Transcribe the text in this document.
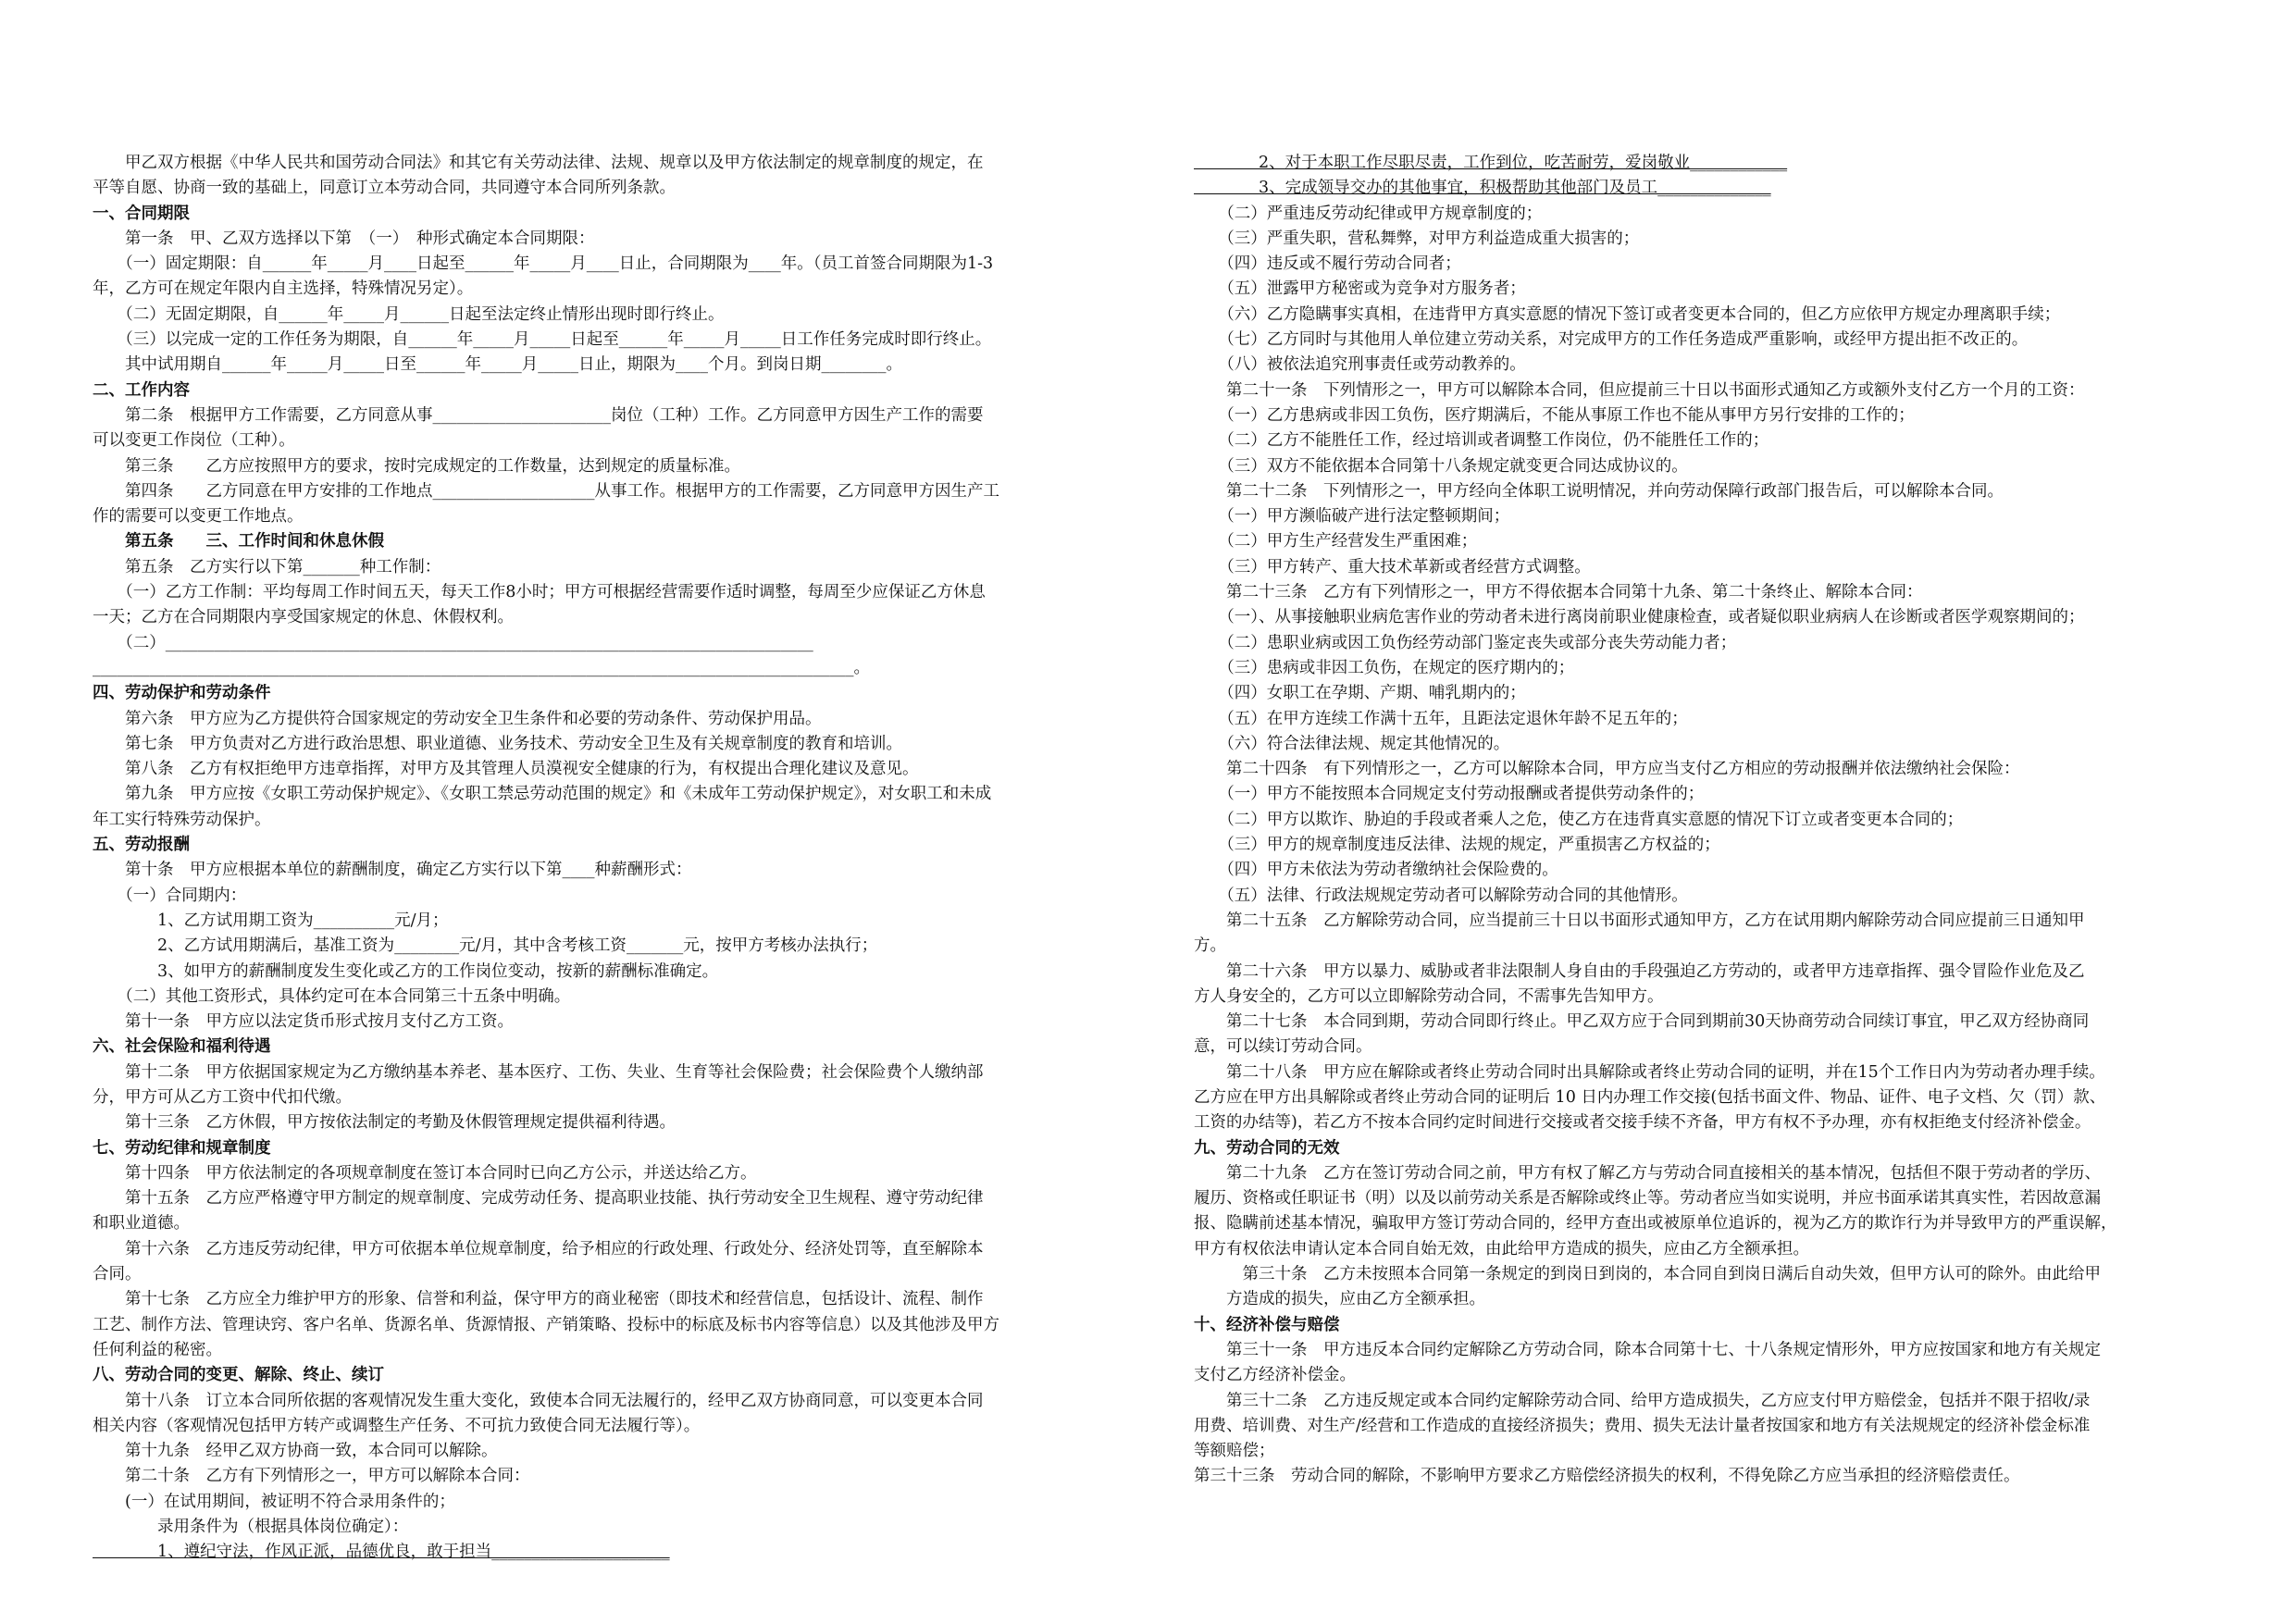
　　甲乙双方根据《中华人民共和国劳动合同法》和其它有关劳动法律、法规、规章以及甲方依法制定的规章制度的规定，在
平等自愿、协商一致的基础上，同意订立本劳动合同，共同遵守本合同所列条款。
一、合同期限
　　第一条　甲、乙双方选择以下第　（一）　种形式确定本合同期限：
　　（一）固定期限：自______年_____月____日起至______年_____月____日止，合同期限为____年。（员工首签合同期限为1-3
年，乙方可在规定年限内自主选择，特殊情况另定）。
　　（二）无固定期限，自______年_____月______日起至法定终止情形出现时即行终止。
　　（三）以完成一定的工作任务为期限，自______年_____月_____日起至______年_____月_____日工作任务完成时即行终止。
　　其中试用期自______年_____月_____日至______年_____月_____日止，期限为____个月。到岗日期________。
二、工作内容
　　第二条　根据甲方工作需要，乙方同意从事______________________岗位（工种）工作。乙方同意甲方因生产工作的需要
可以变更工作岗位（工种）。
　　第三条　　乙方应按照甲方的要求，按时完成规定的工作数量，达到规定的质量标准。
　　第四条　　乙方同意在甲方安排的工作地点____________________从事工作。根据甲方的工作需要，乙方同意甲方因生产工
作的需要可以变更工作地点。
　　第五条　　三、工作时间和休息休假
　　第五条　乙方实行以下第_______种工作制：
　　（一）乙方工作制：平均每周工作时间五天，每天工作8小时；甲方可根据经营需要作适时调整，每周至少应保证乙方休息
一天；乙方在合同期限内享受国家规定的休息、休假权利。
　　（二）________________________________________________________________________________
______________________________________________________________________________________________。
四、劳动保护和劳动条件
　　第六条　甲方应为乙方提供符合国家规定的劳动安全卫生条件和必要的劳动条件、劳动保护用品。
　　第七条　甲方负责对乙方进行政治思想、职业道德、业务技术、劳动安全卫生及有关规章制度的教育和培训。
　　第八条　乙方有权拒绝甲方违章指挥，对甲方及其管理人员漠视安全健康的行为，有权提出合理化建议及意见。
　　第九条　甲方应按《女职工劳动保护规定》、《女职工禁忌劳动范围的规定》和《未成年工劳动保护规定》，对女职工和未成
年工实行特殊劳动保护。
五、劳动报酬
　　第十条　甲方应根据本单位的薪酬制度，确定乙方实行以下第____种薪酬形式：
　　（一）合同期内：
　　　　1、乙方试用期工资为__________元/月；
　　　　2、乙方试用期满后，基准工资为________元/月，其中含考核工资_______元，按甲方考核办法执行；
　　　　3、如甲方的薪酬制度发生变化或乙方的工作岗位变动，按新的薪酬标准确定。
　　（二）其他工资形式，具体约定可在本合同第三十五条中明确。
　　第十一条　甲方应以法定货币形式按月支付乙方工资。
六、社会保险和福利待遇
　　第十二条　甲方依据国家规定为乙方缴纳基本养老、基本医疗、工伤、失业、生育等社会保险费；社会保险费个人缴纳部
分，甲方可从乙方工资中代扣代缴。
　　第十三条　乙方休假，甲方按依法制定的考勤及休假管理规定提供福利待遇。
七、劳动纪律和规章制度
　　第十四条　甲方依法制定的各项规章制度在签订本合同时已向乙方公示，并送达给乙方。
　　第十五条　乙方应严格遵守甲方制定的规章制度、完成劳动任务、提高职业技能、执行劳动安全卫生规程、遵守劳动纪律
和职业道德。
　　第十六条　乙方违反劳动纪律，甲方可依据本单位规章制度，给予相应的行政处理、行政处分、经济处罚等，直至解除本
合同。
　　第十七条　乙方应全力维护甲方的形象、信誉和利益，保守甲方的商业秘密（即技术和经营信息，包括设计、流程、制作
工艺、制作方法、管理诀窍、客户名单、货源名单、货源情报、产销策略、投标中的标底及标书内容等信息）以及其他涉及甲方
任何利益的秘密。
八、劳动合同的变更、解除、终止、续订
　　第十八条　订立本合同所依据的客观情况发生重大变化，致使本合同无法履行的，经甲乙双方协商同意，可以变更本合同
相关内容（客观情况包括甲方转产或调整生产任务、不可抗力致使合同无法履行等）。
　　第十九条　经甲乙双方协商一致，本合同可以解除。
　　第二十条　乙方有下列情形之一，甲方可以解除本合同：
　　(一）在试用期间，被证明不符合录用条件的；
　　　　录用条件为（根据具体岗位确定）：
　　　　1、遵纪守法，作风正派，品德优良，敢于担当______________________
　　　　2、对于本职工作尽职尽责，工作到位，吃苦耐劳，爱岗敬业____________
　　　　3、完成领导交办的其他事宜，积极帮助其他部门及员工______________
　　（二）严重违反劳动纪律或甲方规章制度的；
　　（三）严重失职，营私舞弊，对甲方利益造成重大损害的；
　　（四）违反或不履行劳动合同者；
　　（五）泄露甲方秘密或为竞争对方服务者；
　　（六）乙方隐瞒事实真相，在违背甲方真实意愿的情况下签订或者变更本合同的，但乙方应依甲方规定办理离职手续；
　　（七）乙方同时与其他用人单位建立劳动关系，对完成甲方的工作任务造成严重影响，或经甲方提出拒不改正的。
　　（八）被依法追究刑事责任或劳动教养的。
　　第二十一条　下列情形之一，甲方可以解除本合同，但应提前三十日以书面形式通知乙方或额外支付乙方一个月的工资：
　　（一）乙方患病或非因工负伤，医疗期满后，不能从事原工作也不能从事甲方另行安排的工作的；
　　（二）乙方不能胜任工作，经过培训或者调整工作岗位，仍不能胜任工作的；
　　（三）双方不能依据本合同第十八条规定就变更合同达成协议的。
　　第二十二条　下列情形之一，甲方经向全体职工说明情况，并向劳动保障行政部门报告后，可以解除本合同。
　　（一）甲方濒临破产进行法定整顿期间；
　　（二）甲方生产经营发生严重困难；
　　（三）甲方转产、重大技术革新或者经营方式调整。
　　第二十三条　乙方有下列情形之一，甲方不得依据本合同第十九条、第二十条终止、解除本合同：
　　（一）、从事接触职业病危害作业的劳动者未进行离岗前职业健康检查，或者疑似职业病病人在诊断或者医学观察期间的；
　　（二）患职业病或因工负伤经劳动部门鉴定丧失或部分丧失劳动能力者；
　　（三）患病或非因工负伤，在规定的医疗期内的；
　　（四）女职工在孕期、产期、哺乳期内的；
　　（五）在甲方连续工作满十五年，且距法定退休年龄不足五年的；
　　（六）符合法律法规、规定其他情况的。
　　第二十四条　有下列情形之一，乙方可以解除本合同，甲方应当支付乙方相应的劳动报酬并依法缴纳社会保险：
　　（一）甲方不能按照本合同规定支付劳动报酬或者提供劳动条件的；
　　（二）甲方以欺诈、胁迫的手段或者乘人之危，使乙方在违背真实意愿的情况下订立或者变更本合同的；
　　（三）甲方的规章制度违反法律、法规的规定，严重损害乙方权益的；
　　（四）甲方未依法为劳动者缴纳社会保险费的。
　　（五）法律、行政法规规定劳动者可以解除劳动合同的其他情形。
　　第二十五条　乙方解除劳动合同，应当提前三十日以书面形式通知甲方，乙方在试用期内解除劳动合同应提前三日通知甲
方。
　　第二十六条　甲方以暴力、威胁或者非法限制人身自由的手段强迫乙方劳动的，或者甲方违章指挥、强令冒险作业危及乙
方人身安全的，乙方可以立即解除劳动合同，不需事先告知甲方。
　　第二十七条　本合同到期，劳动合同即行终止。甲乙双方应于合同到期前30天协商劳动合同续订事宜，甲乙双方经协商同
意，可以续订劳动合同。
　　第二十八条　甲方应在解除或者终止劳动合同时出具解除或者终止劳动合同的证明，并在15个工作日内为劳动者办理手续。
乙方应在甲方出具解除或者终止劳动合同的证明后 10 日内办理工作交接(包括书面文件、物品、证件、电子文档、欠（罚）款、
工资的办结等)，若乙方不按本合同约定时间进行交接或者交接手续不齐备，甲方有权不予办理，亦有权拒绝支付经济补偿金。
九、劳动合同的无效
　　第二十九条　乙方在签订劳动合同之前，甲方有权了解乙方与劳动合同直接相关的基本情况，包括但不限于劳动者的学历、
履历、资格或任职证书（明）以及以前劳动关系是否解除或终止等。劳动者应当如实说明，并应书面承诺其真实性，若因故意漏
报、隐瞒前述基本情况，骗取甲方签订劳动合同的，经甲方查出或被原单位追诉的，视为乙方的欺诈行为并导致甲方的严重误解，
甲方有权依法申请认定本合同自始无效，由此给甲方造成的损失，应由乙方全额承担。
　　　第三十条　乙方未按照本合同第一条规定的到岗日到岗的，本合同自到岗日满后自动失效，但甲方认可的除外。由此给甲
　　方造成的损失，应由乙方全额承担。
十、经济补偿与赔偿
　　第三十一条　甲方违反本合同约定解除乙方劳动合同，除本合同第十七、十八条规定情形外，甲方应按国家和地方有关规定
支付乙方经济补偿金。
　　第三十二条　乙方违反规定或本合同约定解除劳动合同、给甲方造成损失，乙方应支付甲方赔偿金，包括并不限于招收/录
用费、培训费、对生产/经营和工作造成的直接经济损失；费用、损失无法计量者按国家和地方有关法规规定的经济补偿金标准
等额赔偿；
第三十三条　劳动合同的解除，不影响甲方要求乙方赔偿经济损失的权利，不得免除乙方应当承担的经济赔偿责任。
